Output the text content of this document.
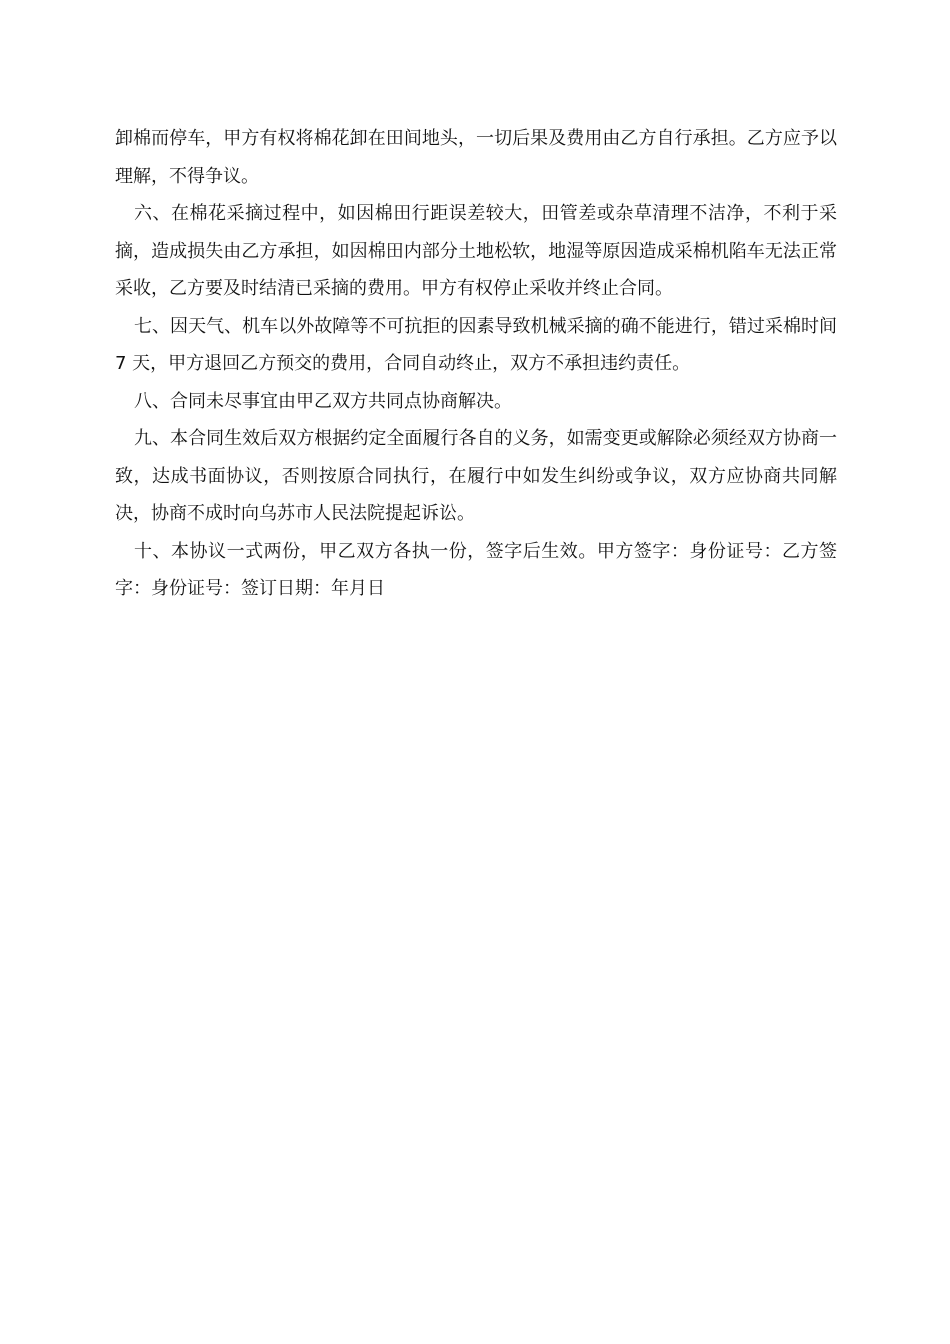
卸棉而停车，甲方有权将棉花卸在田间地头，一切后果及费用由乙方自行承担。乙方应予以理解，不得争议。

六、在棉花采摘过程中，如因棉田行距误差较大，田管差或杂草清理不洁净，不利于采摘，造成损失由乙方承担，如因棉田内部分土地松软，地湿等原因造成采棉机陷车无法正常采收，乙方要及时结清已采摘的费用。甲方有权停止采收并终止合同。

七、因天气、机车以外故障等不可抗拒的因素导致机械采摘的确不能进行，错过采棉时间 7 天，甲方退回乙方预交的费用，合同自动终止，双方不承担违约责任。

八、合同未尽事宜由甲乙双方共同点协商解决。

九、本合同生效后双方根据约定全面履行各自的义务，如需变更或解除必须经双方协商一致，达成书面协议，否则按原合同执行，在履行中如发生纠纷或争议，双方应协商共同解决，协商不成时向乌苏市人民法院提起诉讼。

十、本协议一式两份，甲乙双方各执一份，签字后生效。甲方签字：身份证号：乙方签字：身份证号：签订日期：年月日
